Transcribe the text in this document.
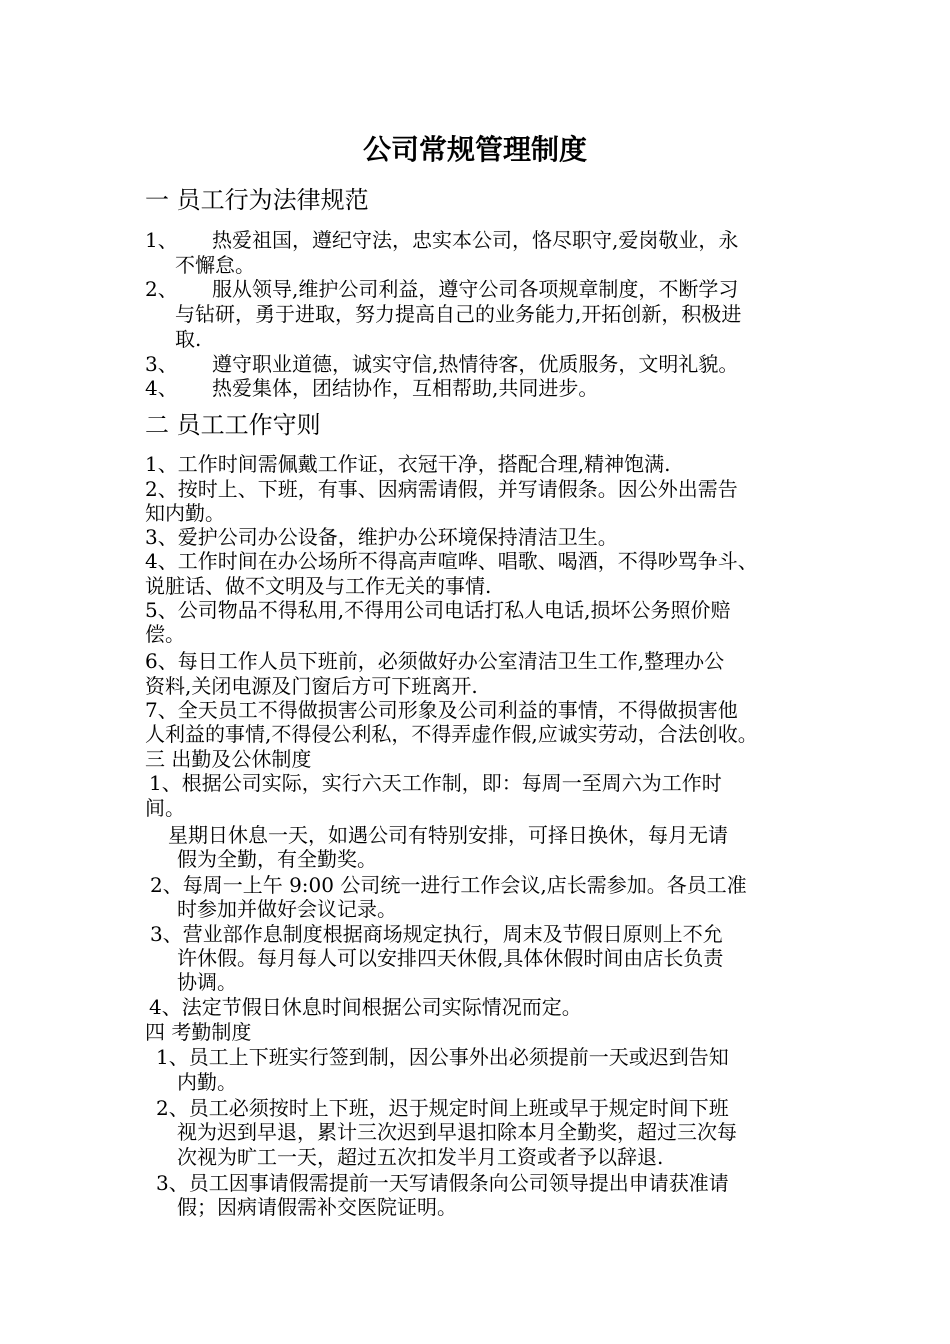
公司常规管理制度
一 员工行为法律规范
1、 热爱祖国，遵纪守法，忠实本公司，恪尽职守,爱岗敬业，永
不懈怠。
2、 服从领导,维护公司利益，遵守公司各项规章制度，不断学习
与钻研，勇于进取，努力提高自己的业务能力,开拓创新，积极进
取.
3、 遵守职业道德，诚实守信,热情待客，优质服务，文明礼貌。
4、 热爱集体，团结协作，互相帮助,共同进步。
二 员工工作守则
1、工作时间需佩戴工作证，衣冠干净，搭配合理,精神饱满.
2、按时上、下班，有事、因病需请假，并写请假条。因公外出需告
知内勤。
3、爱护公司办公设备，维护办公环境保持清洁卫生。
4、工作时间在办公场所不得高声喧哗、唱歌、喝酒，不得吵骂争斗、
说脏话、做不文明及与工作无关的事情.
5、公司物品不得私用,不得用公司电话打私人电话,损坏公务照价赔
偿。
6、每日工作人员下班前，必须做好办公室清洁卫生工作,整理办公
资料,关闭电源及门窗后方可下班离开.
7、全天员工不得做损害公司形象及公司利益的事情，不得做损害他
人利益的事情,不得侵公利私，不得弄虚作假,应诚实劳动，合法创收。
三 出勤及公休制度
1、根据公司实际，实行六天工作制，即：每周一至周六为工作时
间。
星期日休息一天，如遇公司有特别安排，可择日换休，每月无请
假为全勤，有全勤奖。
2、每周一上午 9:00 公司统一进行工作会议,店长需参加。各员工准
时参加并做好会议记录。
3、营业部作息制度根据商场规定执行，周末及节假日原则上不允
许休假。每月每人可以安排四天休假,具体休假时间由店长负责
协调。
4、法定节假日休息时间根据公司实际情况而定。
四 考勤制度
1、员工上下班实行签到制，因公事外出必须提前一天或迟到告知
内勤。
2、员工必须按时上下班，迟于规定时间上班或早于规定时间下班
视为迟到早退，累计三次迟到早退扣除本月全勤奖，超过三次每
次视为旷工一天，超过五次扣发半月工资或者予以辞退.
3、员工因事请假需提前一天写请假条向公司领导提出申请获准请
假；因病请假需补交医院证明。
